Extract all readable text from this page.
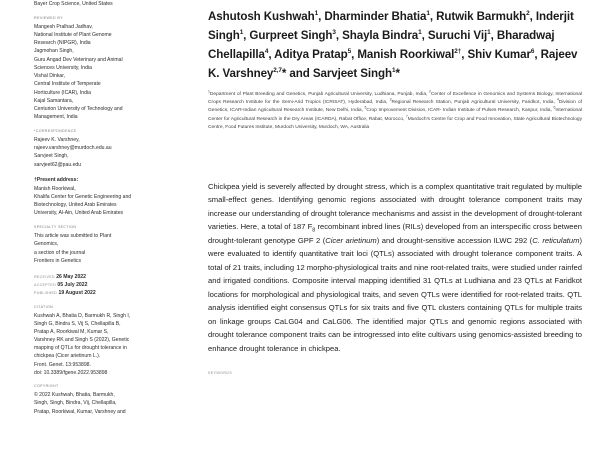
Bayer Crop Science, United States
REVIEWED BY
Mangesh Pralhad Jadhav,
National Institute of Plant Genome
Research (NIPGR), India
Jagmohan Singh,
Guru Angad Dev Veterinary and Animal
Sciences University, India
Vishal Dinkar,
Central Institute of Temperate
Horticulture (ICAR), India
Kajal Samantara,
Centurion University of Technology and
Management, India
*CORRESPONDENCE
Rajeev K. Varshney,
rajeev.varshney@murdoch.edu.au
Sarvjeet Singh,
sarvjeet62@pau.edu
†Present address:
Manish Roorkiwal,
Khalifa Center for Genetic Engineering and
Biotechnology, United Arab Emirates
University, Al-Ain, United Arab Emirates
SPECIALTY SECTION
This article was submitted to Plant
Genomics,
a section of the journal
Frontiers in Genetics
RECEIVED 26 May 2022
ACCEPTED 05 July 2022
PUBLISHED 19 August 2022
CITATION
Kushwah A, Bhatia D, Barmukh R, Singh I,
Singh G, Bindra S, Vij S, Chellapilla B,
Pratap A, Roorkiwal M, Kumar S,
Varshney RK and Singh S (2022), Genetic
mapping of QTLs for drought tolerance in
chickpea (Cicer arietinum L.).
Front. Genet. 13:953898.
doi: 10.3389/fgene.2022.953898
COPYRIGHT
© 2022 Kushwah, Bhatia, Barmukh,
Singh, Singh, Bindra, Vij, Chellapilla,
Pratap, Roorkiwal, Kumar, Varshney and
Ashutosh Kushwah$^1$, Dharminder Bhatia$^1$, Rutwik Barmukh$^2$, Inderjit Singh$^1$, Gurpreet Singh$^3$, Shayla Bindra$^1$, Suruchi Vij$^1$, Bharadwaj Chellapilla$^4$, Aditya Pratap$^5$, Manish Roorkiwal$^{2\dagger}$, Shiv Kumar$^6$, Rajeev K. Varshney$^{2,7}$* and Sarvjeet Singh$^1$*
$^1$Department of Plant Breeding and Genetics, Punjab Agricultural University, Ludhiana, Punjab, India, $^2$Center of Excellence in Genomics and Systems Biology, International Crops Research Institute for the Semi-Arid Tropics (ICRISAT), Hyderabad, India, $^3$Regional Research Station, Punjab Agricultural University, Faridkot, India, $^4$Division of Genetics, ICAR-Indian Agricultural Research Institute, New Delhi, India, $^5$Crop Improvement Division, ICAR- Indian Institute of Pulses Research, Kanpur, India, $^6$International Center for Agricultural Research in the Dry Areas (ICARDA), Rabat Office, Rabat, Morocco, $^7$Murdoch's Centre for Crop and Food Innovation, State Agricultural Biotechnology Centre, Food Futures Institute, Murdoch University, Murdoch, WA, Australia
Chickpea yield is severely affected by drought stress, which is a complex quantitative trait regulated by multiple small-effect genes. Identifying genomic regions associated with drought tolerance component traits may increase our understanding of drought tolerance mechanisms and assist in the development of drought-tolerant varieties. Here, a total of 187 $F_8$ recombinant inbred lines (RILs) developed from an interspecific cross between drought-tolerant genotype GPF 2 (Cicer arietinum) and drought-sensitive accession ILWC 292 (C. reticulatum) were evaluated to identify quantitative trait loci (QTLs) associated with drought tolerance component traits. A total of 21 traits, including 12 morpho-physiological traits and nine root-related traits, were studied under rainfed and irrigated conditions. Composite interval mapping identified 31 QTLs at Ludhiana and 23 QTLs at Faridkot locations for morphological and physiological traits, and seven QTLs were identified for root-related traits. QTL analysis identified eight consensus QTLs for six traits and five QTL clusters containing QTLs for multiple traits on linkage groups CaLG04 and CaLG06. The identified major QTLs and genomic regions associated with drought tolerance component traits can be introgressed into elite cultivars using genomics-assisted breeding to enhance drought tolerance in chickpea.
KEYWORDS
